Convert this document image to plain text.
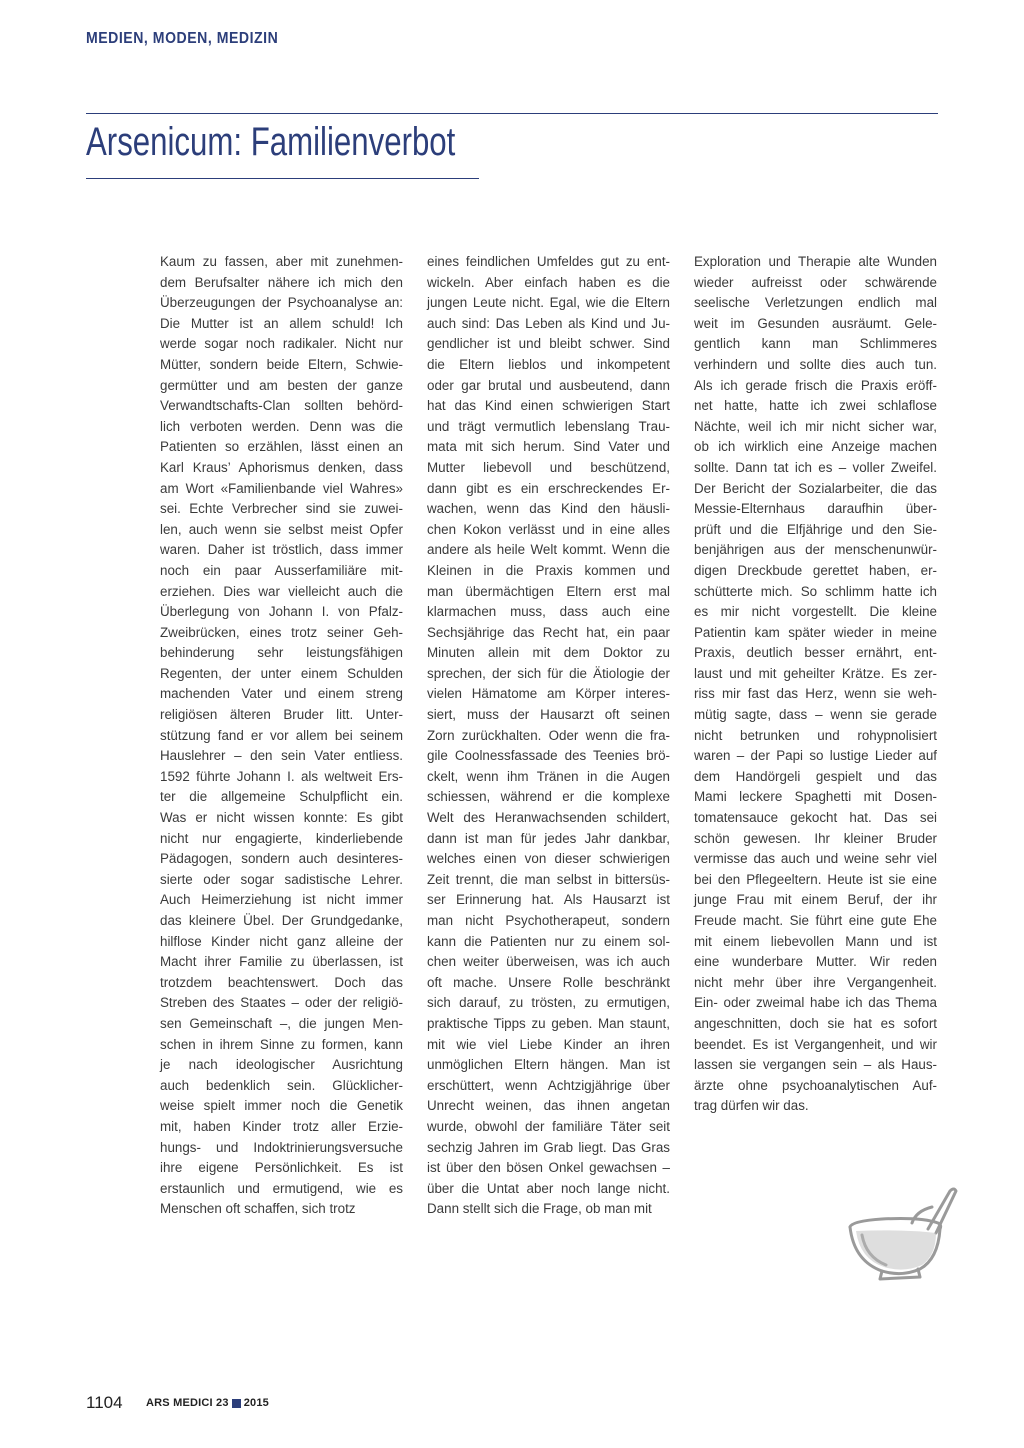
MEDIEN, MODEN, MEDIZIN
Arsenicum: Familienverbot
Kaum zu fassen, aber mit zunehmen-
dem Berufsalter nähere ich mich den
Überzeugungen der Psychoanalyse an:
Die Mutter ist an allem schuld! Ich
werde sogar noch radikaler. Nicht nur
Mütter, sondern beide Eltern, Schwie-
germütter und am besten der ganze
Verwandtschafts-Clan sollten behörd-
lich verboten werden. Denn was die
Patienten so erzählen, lässt einen an
Karl Kraus’ Aphorismus denken, dass
am Wort «Familienbande viel Wahres»
sei. Echte Verbrecher sind sie zuwei-
len, auch wenn sie selbst meist Opfer
waren. Daher ist tröstlich, dass immer
noch ein paar Ausserfamiliäre mit-
erziehen. Dies war vielleicht auch die
Überlegung von Johann I. von Pfalz-
Zweibrücken, eines trotz seiner Geh-
behinderung sehr leistungsfähigen
Regenten, der unter einem Schulden
machenden Vater und einem streng
religiösen älteren Bruder litt. Unter-
stützung fand er vor allem bei seinem
Hauslehrer – den sein Vater entliess.
1592 führte Johann I. als weltweit Ers-
ter die allgemeine Schulpflicht ein.
Was er nicht wissen konnte: Es gibt
nicht nur engagierte, kinderliebende
Pädagogen, sondern auch desinteres-
sierte oder sogar sadistische Lehrer.
Auch Heimerziehung ist nicht immer
das kleinere Übel. Der Grundgedanke,
hilflose Kinder nicht ganz alleine der
Macht ihrer Familie zu überlassen, ist
trotzdem beachtenswert. Doch das
Streben des Staates – oder der religiö-
sen Gemeinschaft –, die jungen Men-
schen in ihrem Sinne zu formen, kann
je nach ideologischer Ausrichtung
auch bedenklich sein. Glücklicher-
weise spielt immer noch die Genetik
mit, haben Kinder trotz aller Erzie-
hungs- und Indoktrinierungsversuche
ihre eigene Persönlichkeit. Es ist
erstaunlich und ermutigend, wie es
Menschen oft schaffen, sich trotz
eines feindlichen Umfeldes gut zu ent-
wickeln. Aber einfach haben es die
jungen Leute nicht. Egal, wie die Eltern
auch sind: Das Leben als Kind und Ju-
gendlicher ist und bleibt schwer. Sind
die Eltern lieblos und inkompetent
oder gar brutal und ausbeutend, dann
hat das Kind einen schwierigen Start
und trägt vermutlich lebenslang Trau-
mata mit sich herum. Sind Vater und
Mutter liebevoll und beschützend,
dann gibt es ein erschreckendes Er-
wachen, wenn das Kind den häusli-
chen Kokon verlässt und in eine alles
andere als heile Welt kommt. Wenn die
Kleinen in die Praxis kommen und
man übermächtigen Eltern erst mal
klarmachen muss, dass auch eine
Sechsjährige das Recht hat, ein paar
Minuten allein mit dem Doktor zu
sprechen, der sich für die Ätiologie der
vielen Hämatome am Körper interes-
siert, muss der Hausarzt oft seinen
Zorn zurückhalten. Oder wenn die fra-
gile Coolnessfassade des Teenies brö-
ckelt, wenn ihm Tränen in die Augen
schiessen, während er die komplexe
Welt des Heranwachsenden schildert,
dann ist man für jedes Jahr dankbar,
welches einen von dieser schwierigen
Zeit trennt, die man selbst in bittersüs-
ser Erinnerung hat. Als Hausarzt ist
man nicht Psychotherapeut, sondern
kann die Patienten nur zu einem sol-
chen weiter überweisen, was ich auch
oft mache. Unsere Rolle beschränkt
sich darauf, zu trösten, zu ermutigen,
praktische Tipps zu geben. Man staunt,
mit wie viel Liebe Kinder an ihren
unmöglichen Eltern hängen. Man ist
erschüttert, wenn Achtzigjährige über
Unrecht weinen, das ihnen angetan
wurde, obwohl der familiäre Täter seit
sechzig Jahren im Grab liegt. Das Gras
ist über den bösen Onkel gewachsen –
über die Untat aber noch lange nicht.
Dann stellt sich die Frage, ob man mit
Exploration und Therapie alte Wunden
wieder aufreisst oder schwärende
seelische Verletzungen endlich mal
weit im Gesunden ausräumt. Gele-
gentlich kann man Schlimmeres
verhindern und sollte dies auch tun.
Als ich gerade frisch die Praxis eröff-
net hatte, hatte ich zwei schlaflose
Nächte, weil ich mir nicht sicher war,
ob ich wirklich eine Anzeige machen
sollte. Dann tat ich es – voller Zweifel.
Der Bericht der Sozialarbeiter, die das
Messie-Elternhaus daraufhin über-
prüft und die Elfjährige und den Sie-
benjährigen aus der menschenunwür-
digen Dreckbude gerettet haben, er-
schütterte mich. So schlimm hatte ich
es mir nicht vorgestellt. Die kleine
Patientin kam später wieder in meine
Praxis, deutlich besser ernährt, ent-
laust und mit geheilter Krätze. Es zer-
riss mir fast das Herz, wenn sie weh-
mütig sagte, dass – wenn sie gerade
nicht betrunken und rohypnolisiert
waren – der Papi so lustige Lieder auf
dem Handörgeli gespielt und das
Mami leckere Spaghetti mit Dosen-
tomatensauce gekocht hat. Das sei
schön gewesen. Ihr kleiner Bruder
vermisse das auch und weine sehr viel
bei den Pflegeeltern. Heute ist sie eine
junge Frau mit einem Beruf, der ihr
Freude macht. Sie führt eine gute Ehe
mit einem liebevollen Mann und ist
eine wunderbare Mutter. Wir reden
nicht mehr über ihre Vergangenheit.
Ein- oder zweimal habe ich das Thema
angeschnitten, doch sie hat es sofort
beendet. Es ist Vergangenheit, und wir
lassen sie vergangen sein – als Haus-
ärzte ohne psychoanalytischen Auf-
trag dürfen wir das.
1104 ARS MEDICI 23 2015
